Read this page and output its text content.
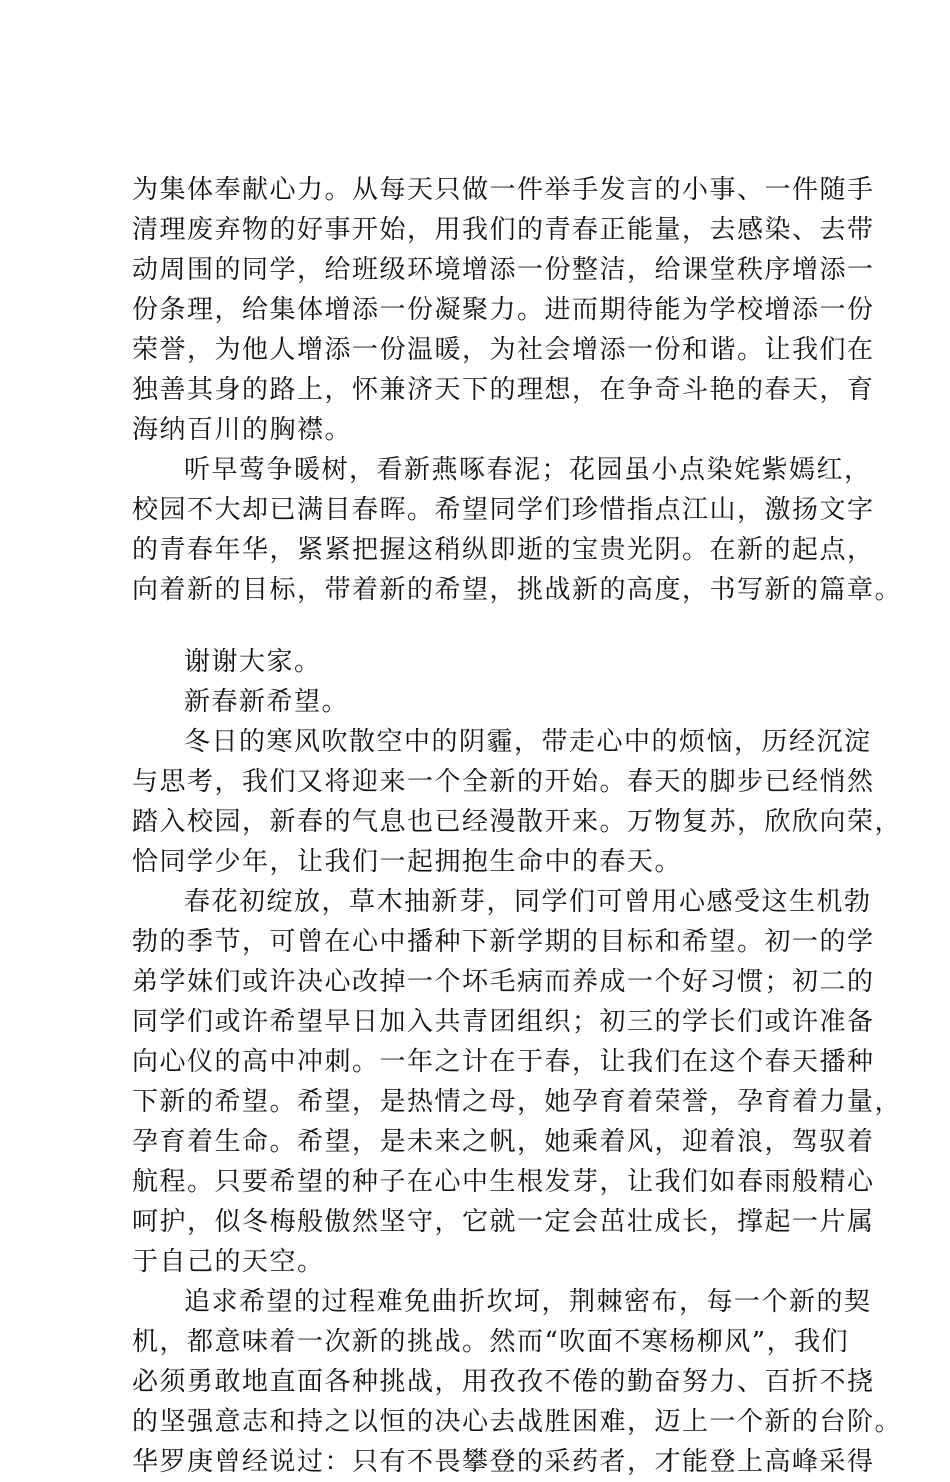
为集体奉献心力。从每天只做一件举手发言的小事、一件随手
清理废弃物的好事开始，用我们的青春正能量，去感染、去带
动周围的同学，给班级环境增添一份整洁，给课堂秩序增添一
份条理，给集体增添一份凝聚力。进而期待能为学校增添一份
荣誉，为他人增添一份温暖，为社会增添一份和谐。让我们在
独善其身的路上，怀兼济天下的理想，在争奇斗艳的春天，育
海纳百川的胸襟。
听早莺争暖树，看新燕啄春泥；花园虽小点染姹紫嫣红，
校园不大却已满目春晖。希望同学们珍惜指点江山，激扬文字
的青春年华，紧紧把握这稍纵即逝的宝贵光阴。在新的起点，
向着新的目标，带着新的希望，挑战新的高度，书写新的篇章。
谢谢大家。
新春新希望。
冬日的寒风吹散空中的阴霾，带走心中的烦恼，历经沉淀
与思考，我们又将迎来一个全新的开始。春天的脚步已经悄然
踏入校园，新春的气息也已经漫散开来。万物复苏，欣欣向荣，
恰同学少年，让我们一起拥抱生命中的春天。
春花初绽放，草木抽新芽，同学们可曾用心感受这生机勃
勃的季节，可曾在心中播种下新学期的目标和希望。初一的学
弟学妹们或许决心改掉一个坏毛病而养成一个好习惯；初二的
同学们或许希望早日加入共青团组织；初三的学长们或许准备
向心仪的高中冲刺。一年之计在于春，让我们在这个春天播种
下新的希望。希望，是热情之母，她孕育着荣誉，孕育着力量，
孕育着生命。希望，是未来之帆，她乘着风，迎着浪，驾驭着
航程。只要希望的种子在心中生根发芽，让我们如春雨般精心
呵护，似冬梅般傲然坚守，它就一定会茁壮成长，撑起一片属
于自己的天空。
追求希望的过程难免曲折坎坷，荆棘密布，每一个新的契
机，都意味着一次新的挑战。然而“吹面不寒杨柳风”，我们
必须勇敢地直面各种挑战，用孜孜不倦的勤奋努力、百折不挠
的坚强意志和持之以恒的决心去战胜困难，迈上一个新的台阶。
华罗庚曾经说过：只有不畏攀登的采药者，才能登上高峰采得
